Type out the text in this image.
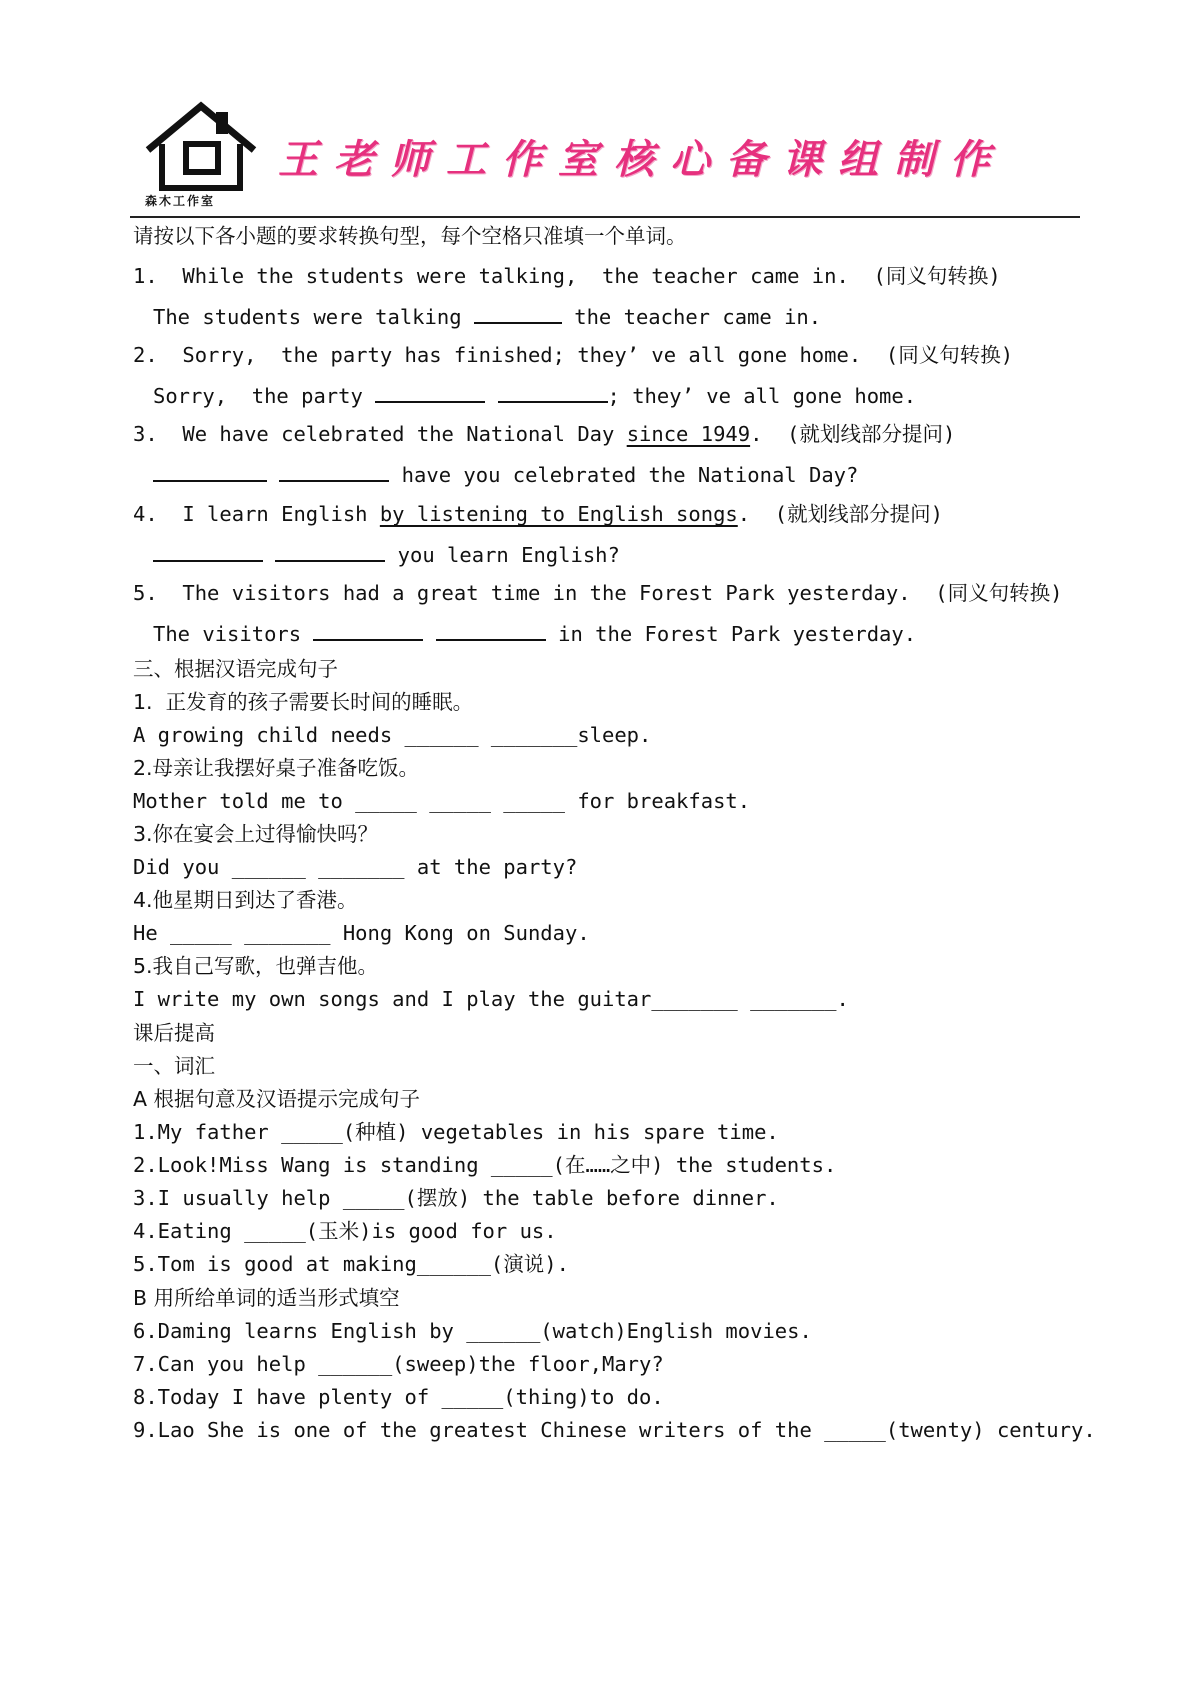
森木工作室
王老师工作室核心备课组制作
请按以下各小题的要求转换句型，每个空格只准填一个单词。
1.  While the students were talking,  the teacher came in.  (同义句转换)
The students were talking	the teacher came in.
2.  Sorry,  the party has finished; they’ ve all gone home.  (同义句转换)
Sorry,  the party	; they’ ve all gone home.
3.  We have celebrated the National Day since 1949.  (就划线部分提问)
have you celebrated the National Day?
4.  I learn English by listening to English songs.  (就划线部分提问)
you learn English?
5.  The visitors had a great time in the Forest Park yesterday.  (同义句转换)
The visitors	in the Forest Park yesterday.
三、根据汉语完成句子
1.  正发育的孩子需要长时间的睡眠。
A growing child needs ______ _______sleep.
2.母亲让我摆好桌子准备吃饭。
Mother told me to _____ _____ _____ for breakfast.
3.你在宴会上过得愉快吗？
Did you ______ _______ at the party?
4.他星期日到达了香港。
He _____ _______ Hong Kong on Sunday.
5.我自己写歌，也弹吉他。
I write my own songs and I play the guitar_______ _______.
课后提高
一、词汇
A 根据句意及汉语提示完成句子
1.My father _____(种植) vegetables in his spare time.
2.Look!Miss Wang is standing _____(在……之中) the students.
3.I usually help _____(摆放) the table before dinner.
4.Eating _____(玉米)is good for us.
5.Tom is good at making______(演说).
B 用所给单词的适当形式填空
6.Daming learns English by ______(watch)English movies.
7.Can you help ______(sweep)the floor,Mary?
8.Today I have plenty of _____(thing)to do.
9.Lao She is one of the greatest Chinese writers of the _____(twenty) century.
